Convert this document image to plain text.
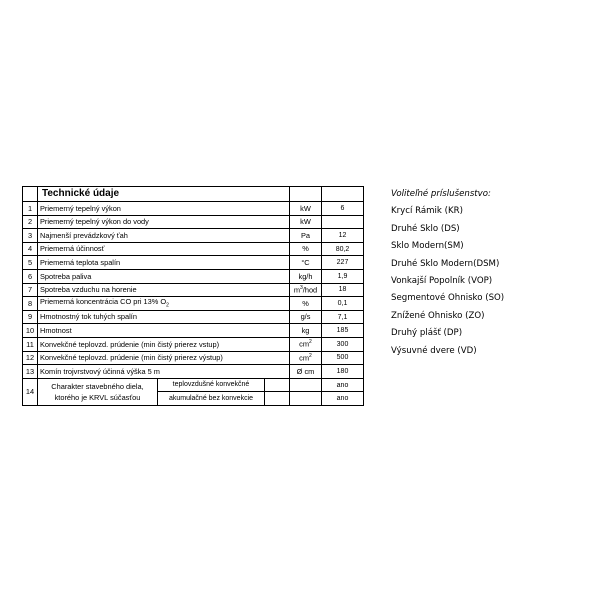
	Technické údaje				
1	Priemerný tepelný výkon			kW	6
2	Priemerný tepelný výkon do vody			kW	
3	Najmenší prevádzkový ťah			Pa	12
4	Priemerná účinnosť			%	80,2
5	Priemerná teplota spalín			°C	227
6	Spotreba paliva			kg/h	1,9
7	Spotreba vzduchu na horenie			$m^3$/hod	18
8	Priemerná koncentrácia CO pri 13% $O_2$			%	0,1
9	Hmotnostný tok tuhých spalín			g/s	7,1
10	Hmotnost			kg	185
11	Konvekčné teplovzd. prúdenie (min čistý prierez vstup)			$cm^2$	300
12	Konvekčné teplovzd. prúdenie (min čistý prierez výstup)			$cm^2$	500
13	Komín trojvrstvový účinná výška 5 m			Ø cm	180
14	Charakter stavebného diela, ktorého je KRVL súčasťou	teplovzdušné konvekčné			ano
		akumulačné bez konvekcie			ano
Voliteľné príslušenstvo:
Krycí Rámik (KR)
Druhé Sklo (DS)
Sklo Modern(SM)
Druhé Sklo Modern(DSM)
Vonkajší Popolník (VOP)
Segmentové Ohnisko (SO)
Znížené Ohnisko (ZO)
Druhý plášť (DP)
Výsuvné dvere (VD)
